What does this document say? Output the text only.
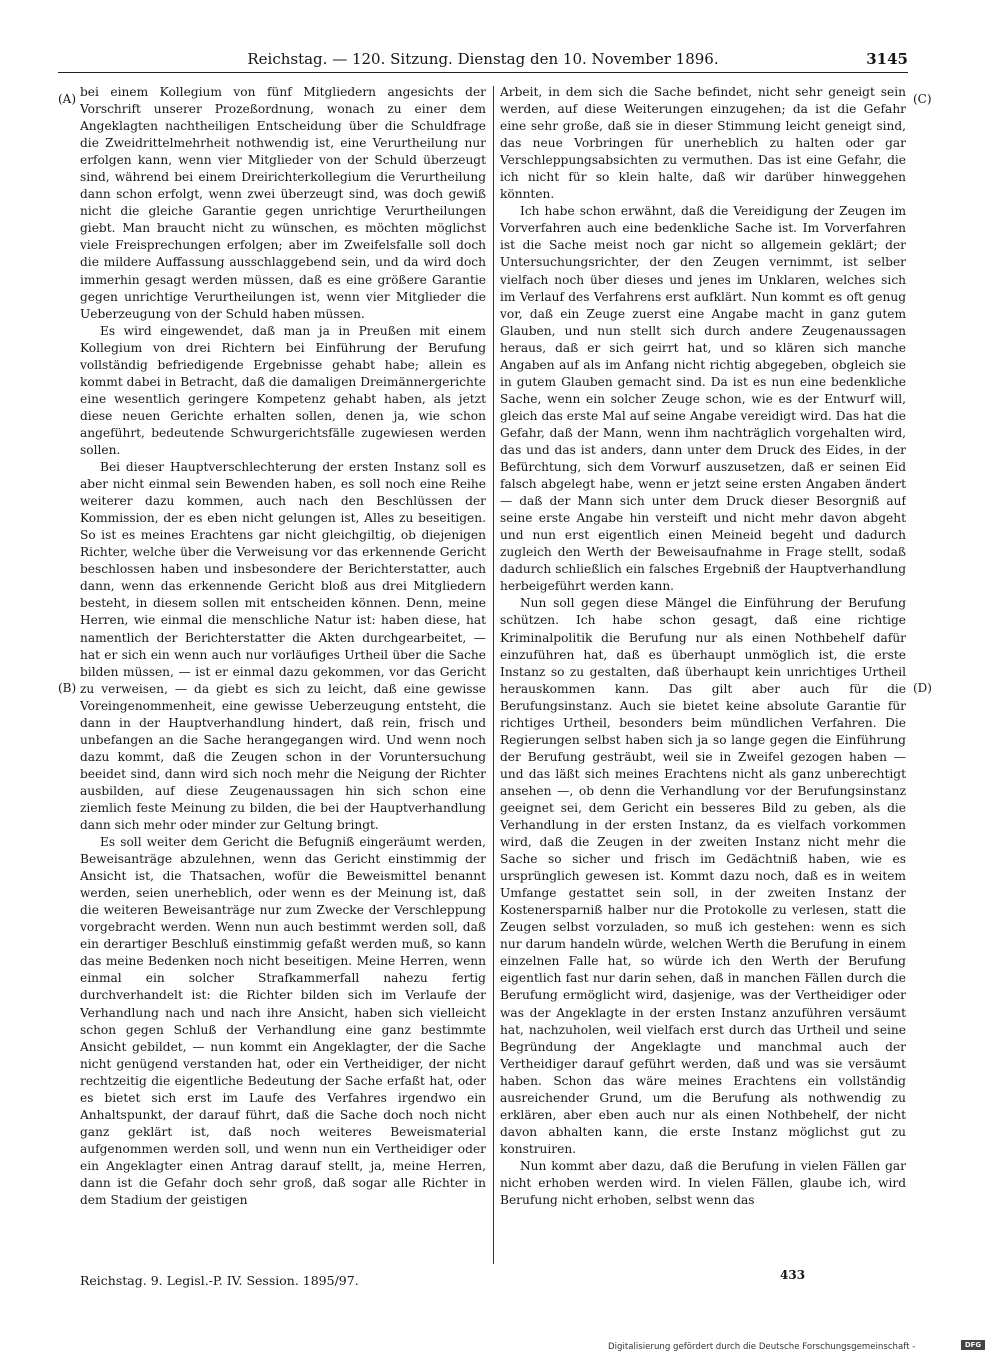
Reichstag. — 120. Sitzung. Dienstag den 10. November 1896.	3145
(A)
(B)
(C)
(D)

bei einem Kollegium von fünf Mitgliedern angesichts der Vorschrift unserer Prozeßordnung, wonach zu einer dem Angeklagten nachtheiligen Entscheidung über die Schuldfrage die Zweidrittelmehrheit nothwendig ist, eine Verurtheilung nur erfolgen kann, wenn vier Mitglieder von der Schuld überzeugt sind, während bei einem Dreirichterkollegium die Verurtheilung dann schon erfolgt, wenn zwei überzeugt sind, was doch gewiß nicht die gleiche Garantie gegen unrichtige Verurtheilungen giebt. Man braucht nicht zu wünschen, es möchten möglichst viele Freisprechungen erfolgen; aber im Zweifelsfalle soll doch die mildere Auffassung ausschlaggebend sein, und da wird doch immerhin gesagt werden müssen, daß es eine größere Garantie gegen unrichtige Verurtheilungen ist, wenn vier Mitglieder die Ueberzeugung von der Schuld haben müssen.

Es wird eingewendet, daß man ja in Preußen mit einem Kollegium von drei Richtern bei Einführung der Berufung vollständig befriedigende Ergebnisse gehabt habe; allein es kommt dabei in Betracht, daß die damaligen Dreimännergerichte eine wesentlich geringere Kompetenz gehabt haben, als jetzt diese neuen Gerichte erhalten sollen, denen ja, wie schon angeführt, bedeutende Schwurgerichtsfälle zugewiesen werden sollen.

Bei dieser Hauptverschlechterung der ersten Instanz soll es aber nicht einmal sein Bewenden haben, es soll noch eine Reihe weiterer dazu kommen, auch nach den Beschlüssen der Kommission, der es eben nicht gelungen ist, Alles zu beseitigen. So ist es meines Erachtens gar nicht gleichgiltig, ob diejenigen Richter, welche über die Verweisung vor das erkennende Gericht beschlossen haben und insbesondere der Berichterstatter, auch dann, wenn das erkennende Gericht bloß aus drei Mitgliedern besteht, in diesem sollen mit entscheiden können. Denn, meine Herren, wie einmal die menschliche Natur ist: haben diese, hat namentlich der Berichterstatter die Akten durchgearbeitet, — hat er sich ein wenn auch nur vorläufiges Urtheil über die Sache bilden müssen, — ist er einmal dazu gekommen, vor das Gericht zu verweisen, — da giebt es sich zu leicht, daß eine gewisse Voreingenommenheit, eine gewisse Ueberzeugung entsteht, die dann in der Hauptverhandlung hindert, daß rein, frisch und unbefangen an die Sache herangegangen wird. Und wenn noch dazu kommt, daß die Zeugen schon in der Voruntersuchung beeidet sind, dann wird sich noch mehr die Neigung der Richter ausbilden, auf diese Zeugenaussagen hin sich schon eine ziemlich feste Meinung zu bilden, die bei der Hauptverhandlung dann sich mehr oder minder zur Geltung bringt.

Es soll weiter dem Gericht die Befugniß eingeräumt werden, Beweisanträge abzulehnen, wenn das Gericht einstimmig der Ansicht ist, die Thatsachen, wofür die Beweismittel benannt werden, seien unerheblich, oder wenn es der Meinung ist, daß die weiteren Beweisanträge nur zum Zwecke der Verschleppung vorgebracht werden. Wenn nun auch bestimmt werden soll, daß ein derartiger Beschluß einstimmig gefaßt werden muß, so kann das meine Bedenken noch nicht beseitigen. Meine Herren, wenn einmal ein solcher Strafkammerfall nahezu fertig durchverhandelt ist: die Richter bilden sich im Verlaufe der Verhandlung nach und nach ihre Ansicht, haben sich vielleicht schon gegen Schluß der Verhandlung eine ganz bestimmte Ansicht gebildet, — nun kommt ein Angeklagter, der die Sache nicht genügend verstanden hat, oder ein Vertheidiger, der nicht rechtzeitig die eigentliche Bedeutung der Sache erfaßt hat, oder es bietet sich erst im Laufe des Verfahres irgendwo ein Anhaltspunkt, der darauf führt, daß die Sache doch noch nicht ganz geklärt ist, daß noch weiteres Beweismaterial aufgenommen werden soll, und wenn nun ein Vertheidiger oder ein Angeklagter einen Antrag darauf stellt, ja, meine Herren, dann ist die Gefahr doch sehr groß, daß sogar alle Richter in dem Stadium der geistigen

Arbeit, in dem sich die Sache befindet, nicht sehr geneigt sein werden, auf diese Weiterungen einzugehen; da ist die Gefahr eine sehr große, daß sie in dieser Stimmung leicht geneigt sind, das neue Vorbringen für unerheblich zu halten oder gar Verschleppungsabsichten zu vermuthen. Das ist eine Gefahr, die ich nicht für so klein halte, daß wir darüber hinweggehen könnten.

Ich habe schon erwähnt, daß die Vereidigung der Zeugen im Vorverfahren auch eine bedenkliche Sache ist. Im Vorverfahren ist die Sache meist noch gar nicht so allgemein geklärt; der Untersuchungsrichter, der den Zeugen vernimmt, ist selber vielfach noch über dieses und jenes im Unklaren, welches sich im Verlauf des Verfahrens erst aufklärt. Nun kommt es oft genug vor, daß ein Zeuge zuerst eine Angabe macht in ganz gutem Glauben, und nun stellt sich durch andere Zeugenaussagen heraus, daß er sich geirrt hat, und so klären sich manche Angaben auf als im Anfang nicht richtig abgegeben, obgleich sie in gutem Glauben gemacht sind. Da ist es nun eine bedenkliche Sache, wenn ein solcher Zeuge schon, wie es der Entwurf will, gleich das erste Mal auf seine Angabe vereidigt wird. Das hat die Gefahr, daß der Mann, wenn ihm nachträglich vorgehalten wird, das und das ist anders, dann unter dem Druck des Eides, in der Befürchtung, sich dem Vorwurf auszusetzen, daß er seinen Eid falsch abgelegt habe, wenn er jetzt seine ersten Angaben ändert — daß der Mann sich unter dem Druck dieser Besorgniß auf seine erste Angabe hin versteift und nicht mehr davon abgeht und nun erst eigentlich einen Meineid begeht und dadurch zugleich den Werth der Beweisaufnahme in Frage stellt, sodaß dadurch schließlich ein falsches Ergebniß der Hauptverhandlung herbeigeführt werden kann.

Nun soll gegen diese Mängel die Einführung der Berufung schützen. Ich habe schon gesagt, daß eine richtige Kriminalpolitik die Berufung nur als einen Nothbehelf dafür einzuführen hat, daß es überhaupt unmöglich ist, die erste Instanz so zu gestalten, daß überhaupt kein unrichtiges Urtheil herauskommen kann. Das gilt aber auch für die Berufungsinstanz. Auch sie bietet keine absolute Garantie für richtiges Urtheil, besonders beim mündlichen Verfahren. Die Regierungen selbst haben sich ja so lange gegen die Einführung der Berufung gesträubt, weil sie in Zweifel gezogen haben — und das läßt sich meines Erachtens nicht als ganz unberechtigt ansehen —, ob denn die Verhandlung vor der Berufungsinstanz geeignet sei, dem Gericht ein besseres Bild zu geben, als die Verhandlung in der ersten Instanz, da es vielfach vorkommen wird, daß die Zeugen in der zweiten Instanz nicht mehr die Sache so sicher und frisch im Gedächtniß haben, wie es ursprünglich gewesen ist. Kommt dazu noch, daß es in weitem Umfange gestattet sein soll, in der zweiten Instanz der Kostenersparniß halber nur die Protokolle zu verlesen, statt die Zeugen selbst vorzuladen, so muß ich gestehen: wenn es sich nur darum handeln würde, welchen Werth die Berufung in einem einzelnen Falle hat, so würde ich den Werth der Berufung eigentlich fast nur darin sehen, daß in manchen Fällen durch die Berufung ermöglicht wird, dasjenige, was der Vertheidiger oder was der Angeklagte in der ersten Instanz anzuführen versäumt hat, nachzuholen, weil vielfach erst durch das Urtheil und seine Begründung der Angeklagte und manchmal auch der Vertheidiger darauf geführt werden, daß und was sie versäumt haben. Schon das wäre meines Erachtens ein vollständig ausreichender Grund, um die Berufung als nothwendig zu erklären, aber eben auch nur als einen Nothbehelf, der nicht davon abhalten kann, die erste Instanz möglichst gut zu konstruiren.

Nun kommt aber dazu, daß die Berufung in vielen Fällen gar nicht erhoben werden wird. In vielen Fällen, glaube ich, wird Berufung nicht erhoben, selbst wenn das

Reichstag. 9. Legisl.-P. IV. Session. 1895/97.	433
Digitalisierung gefördert durch die Deutsche Forschungsgemeinschaft -	DFG
